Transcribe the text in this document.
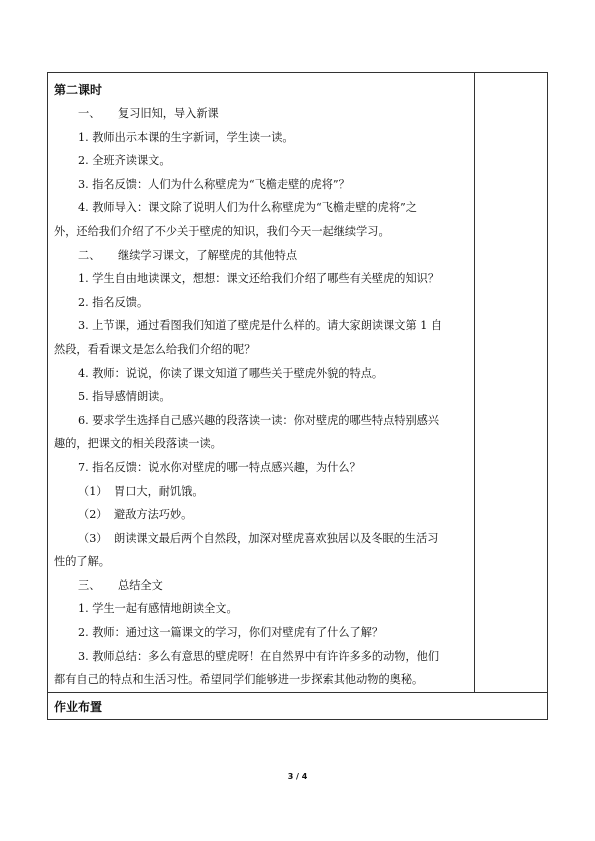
第二课时
一、 复习旧知，导入新课
1. 教师出示本课的生字新词，学生读一读。
2. 全班齐读课文。
3. 指名反馈：人们为什么称壁虎为“飞檐走壁的虎将”？
4. 教师导入：课文除了说明人们为什么称壁虎为“飞檐走壁的虎将”之
外，还给我们介绍了不少关于壁虎的知识，我们今天一起继续学习。
二、 继续学习课文，了解壁虎的其他特点
1. 学生自由地读课文，想想：课文还给我们介绍了哪些有关壁虎的知识？
2. 指名反馈。
3. 上节课，通过看图我们知道了壁虎是什么样的。请大家朗读课文第 1 自
然段，看看课文是怎么给我们介绍的呢？
4. 教师：说说，你读了课文知道了哪些关于壁虎外貌的特点。
5. 指导感情朗读。
6. 要求学生选择自己感兴趣的段落读一读：你对壁虎的哪些特点特别感兴
趣的，把课文的相关段落读一读。
7. 指名反馈：说水你对壁虎的哪一特点感兴趣，为什么？
（1） 胃口大，耐饥饿。
（2） 避敌方法巧妙。
（3） 朗读课文最后两个自然段，加深对壁虎喜欢独居以及冬眠的生活习
性的了解。
三、 总结全文
1. 学生一起有感情地朗读全文。
2. 教师：通过这一篇课文的学习，你们对壁虎有了什么了解？
3. 教师总结：多么有意思的壁虎呀！在自然界中有许许多多的动物，他们
都有自己的特点和生活习性。希望同学们能够进一步探索其他动物的奥秘。

作业布置
3 / 4
